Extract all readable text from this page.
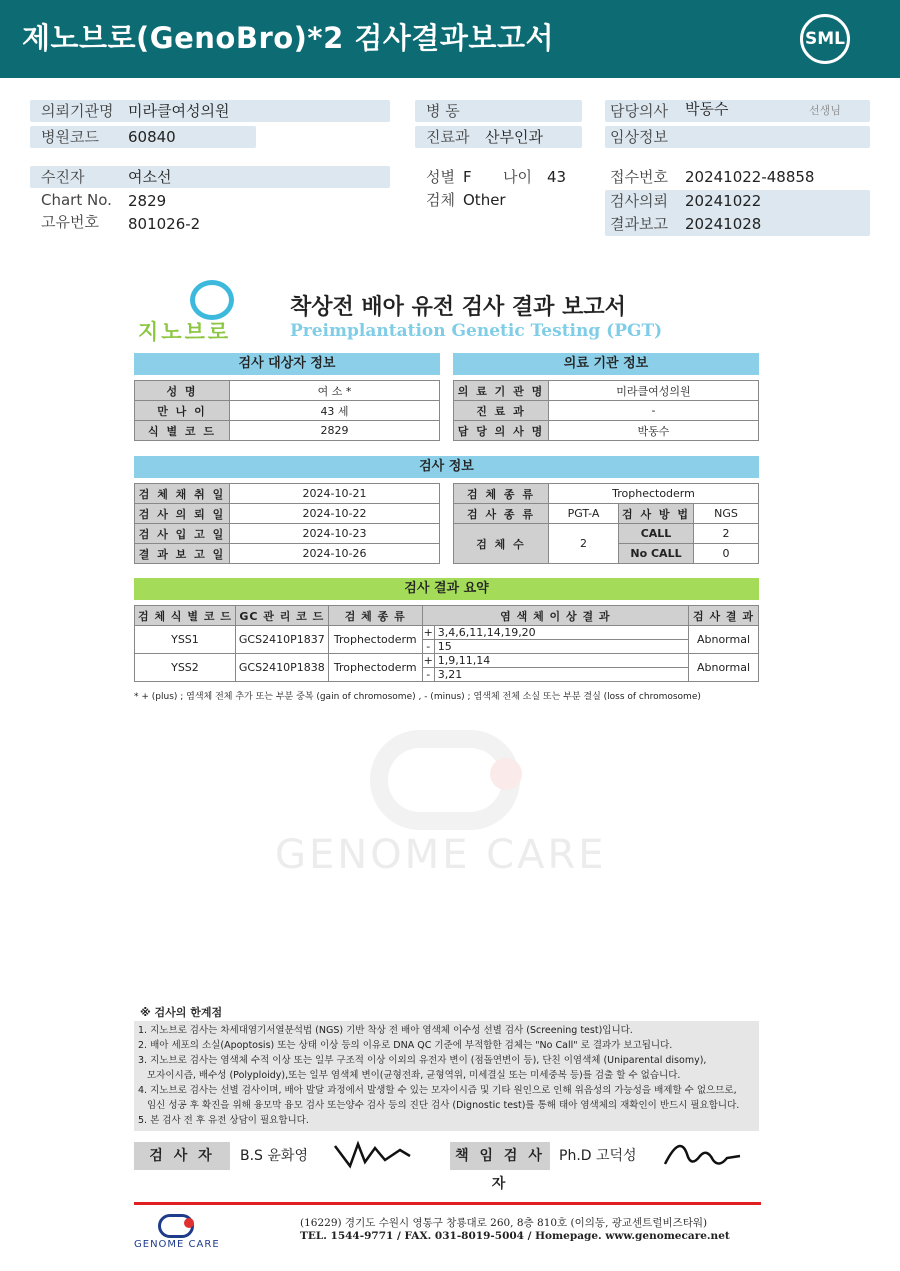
제노브로(GenoBro)*2 검사결과보고서	SML
의뢰기관명 미라클여성의원
병원코드 60840
병 동
진료과 산부인과
담당의사 박동수	선생님
임상정보
수진자	여소선
Chart No. 2829
고유번호 801026-2
성별 F 나이 43
검체 Other
접수번호 20241022-48858
검사의뢰 20241022
결과보고 20241028
지노브로
착상전 배아 유전 검사 결과 보고서
Preimplantation Genetic Testing (PGT)
검사 대상자 정보	의료 기관 정보
성 명	여 소 *
만 나 이	43 세
식 별 코 드	2829
의 료 기 관 명	미라클여성의원
진 료 과	-
담 당 의 사 명	박동수
검사 정보
검 체 채 취 일	2024-10-21
검 사 의 뢰 일	2024-10-22
검 사 입 고 일	2024-10-23
결 과 보 고 일	2024-10-26
검 체 종 류	Trophectoderm		
검 사 종 류	PGT-A	검 사 방 법	NGS
검 체 수	2	CALL	2
		No CALL	0
검사 결과 요약
검 체 식 별 코 드	GC 관 리 코 드	검 체 종 류	염 색 체 이 상 결 과		검 사 결 과
YSS1	GCS2410P1837	Trophectoderm	+	3,4,6,11,14,19,20	Abnormal
			-	15	
YSS2	GCS2410P1838	Trophectoderm	+	1,9,11,14	Abnormal
			-	3,21	
* + (plus) ; 염색체 전체 추가 또는 부분 중복 (gain of chromosome) , - (minus) ; 염색체 전체 소실 또는 부분 결실 (loss of chromosome)
GENOME CARE
※ 검사의 한계점
1. 지노브로 검사는 차세대염기서열분석법 (NGS) 기반 착상 전 배아 염색체 이수성 선별 검사 (Screening test)입니다.
2. 배아 세포의 소실(Apoptosis) 또는 상태 이상 등의 이유로 DNA QC 기준에 부적합한 검체는 "No Call" 로 결과가 보고됩니다.
3. 지노브로 검사는 염색체 수적 이상 또는 일부 구조적 이상 이외의 유전자 변이 (점돌연변이 등), 단친 이염색체 (Uniparental disomy),
모자이시즘, 배수성 (Polyploidy),또는 일부 염색체 변이(균형전좌, 균형역위, 미세결실 또는 미세중복 등)를 검출 할 수 없습니다.
4. 지노브로 검사는 선별 검사이며, 배아 발달 과정에서 발생할 수 있는 모자이시즘 및 기타 원인으로 인해 위음성의 가능성을 배제할 수 없으므로,
임신 성공 후 확진을 위해 융모막 융모 검사 또는양수 검사 등의 진단 검사 (Dignostic test)를 통해 태아 염색체의 재확인이 반드시 필요합니다.
5. 본 검사 전 후 유전 상담이 필요합니다.
검 사 자	B.S 윤화영	책 임 검 사 자
Ph.D 고덕성
GENOME CARE
(16229) 경기도 수원시 영통구 창룡대로 260, 8층 810호 (이의동, 광교센트럴비즈타워)
TEL. 1544-9771 / FAX. 031-8019-5004 / Homepage. www.genomecare.net
